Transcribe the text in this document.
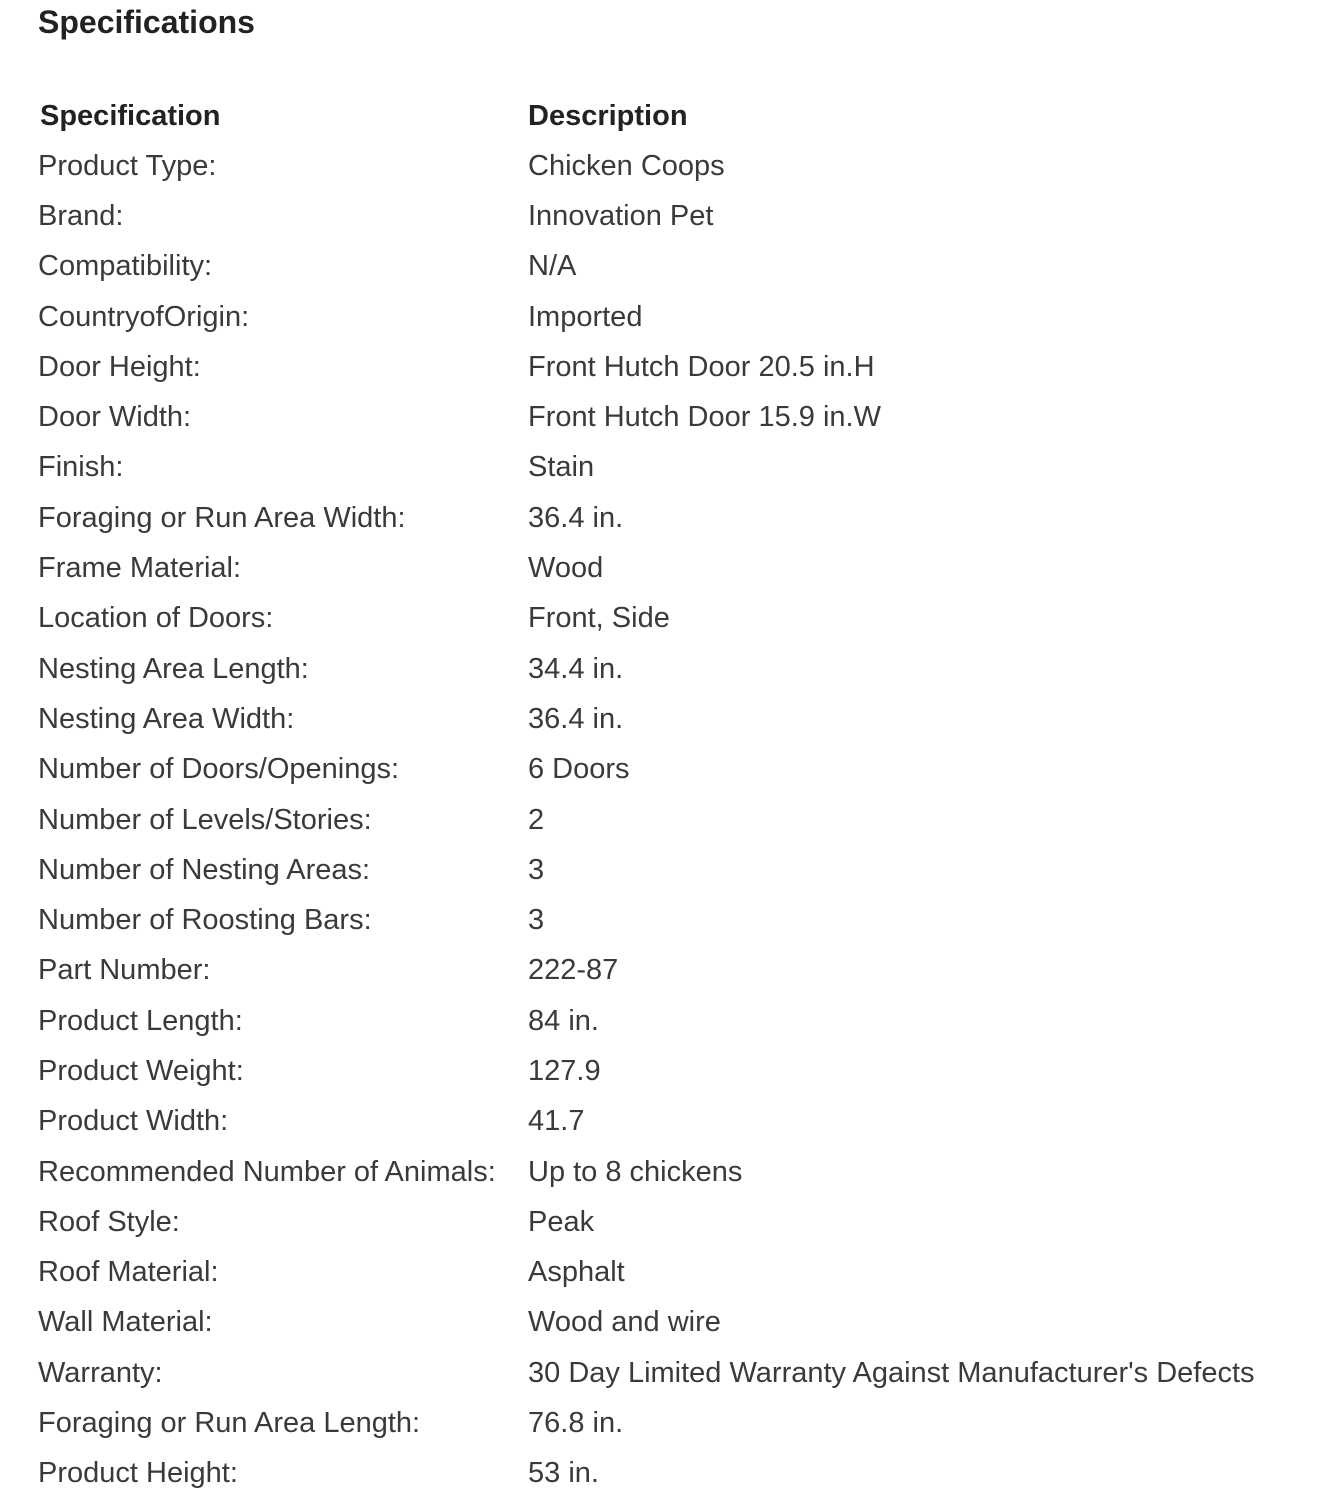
Specifications
Specification	Description
Product Type:	Chicken Coops
Brand:	Innovation Pet
Compatibility:	N/A
CountryofOrigin:	Imported
Door Height:	Front Hutch Door 20.5 in.H
Door Width:	Front Hutch Door 15.9 in.W
Finish:	Stain
Foraging or Run Area Width:	36.4 in.
Frame Material:	Wood
Location of Doors:	Front, Side
Nesting Area Length:	34.4 in.
Nesting Area Width:	36.4 in.
Number of Doors/Openings:	6 Doors
Number of Levels/Stories:	2
Number of Nesting Areas:	3
Number of Roosting Bars:	3
Part Number:	222-87
Product Length:	84 in.
Product Weight:	127.9
Product Width:	41.7
Recommended Number of Animals:	Up to 8 chickens
Roof Style:	Peak
Roof Material:	Asphalt
Wall Material:	Wood and wire
Warranty:	30 Day Limited Warranty Against Manufacturer's Defects
Foraging or Run Area Length:	76.8 in.
Product Height:	53 in.
